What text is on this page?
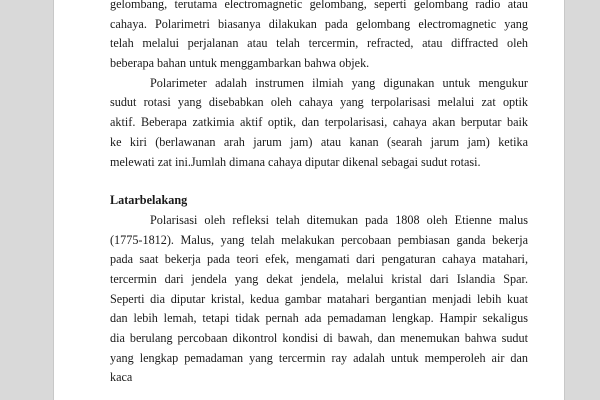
gelombang, terutama electromagnetic gelombang, seperti gelombang radio atau
cahaya. Polarimetri biasanya dilakukan pada gelombang electromagnetic yang
telah melalui perjalanan atau telah tercermin, refracted, atau diffracted oleh
beberapa bahan untuk menggambarkan bahwa objek.
Polarimeter adalah instrumen ilmiah yang digunakan untuk mengukur
sudut rotasi yang disebabkan oleh cahaya yang terpolarisasi melalui zat optik
aktif. Beberapa zatkimia aktif optik, dan terpolarisasi, cahaya akan berputar baik
ke kiri (berlawanan arah jarum jam) atau kanan (searah jarum jam) ketika
melewati zat ini.Jumlah dimana cahaya diputar dikenal sebagai sudut rotasi.
Latarbelakang
Polarisasi oleh refleksi telah ditemukan pada 1808 oleh Etienne malus
(1775-1812). Malus, yang telah melakukan percobaan pembiasan ganda bekerja
pada saat bekerja pada teori efek, mengamati dari pengaturan cahaya matahari,
tercermin dari jendela yang dekat jendela, melalui kristal dari Islandia Spar.
Seperti dia diputar kristal, kedua gambar matahari bergantian menjadi lebih kuat
dan lebih lemah, tetapi tidak pernah ada pemadaman lengkap. Hampir sekaligus
dia berulang percobaan dikontrol kondisi di bawah, dan menemukan bahwa sudut
yang lengkap pemadaman yang tercermin ray adalah untuk memperoleh air dan
kaca
